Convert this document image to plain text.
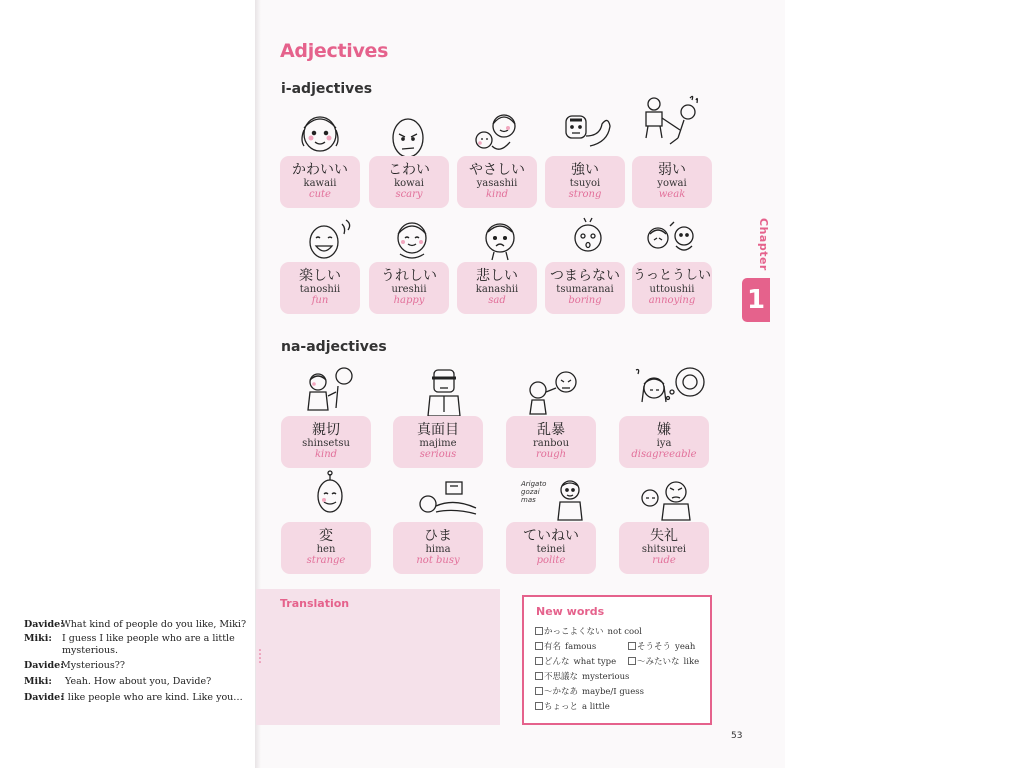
Adjectives
i-adjectives
na-adjectives
Arigato gozai mas
かわいい
kawaii
cute
こわい
kowai
scary
やさしい
yasashii
kind
強い
tsuyoi
strong
弱い
yowai
weak
楽しい
tanoshii
fun
うれしい
ureshii
happy
悲しい
kanashii
sad
つまらない
tsumaranai
boring
うっとうしい
uttoushii
annoying
親切
shinsetsu
kind
真面目
majime
serious
乱暴
ranbou
rough
嫌
iya
disagreeable
変
hen
strange
ひま
hima
not busy
ていねい
teinei
polite
失礼
shitsurei
rude
Chapter
1
Translation
Davide: What kind of people do you like, Miki?
Miki:	I guess I like people who are a little mysterious.
Davide: Mysterious??
Miki: Yeah. How about you, Davide?
Davide: I like people who are kind. Like you…
New words
かっこよくない not cool
有名 famous	そうそう yeah
どんな what type	〜みたいな like
不思議な mysterious
〜かなあ maybe/I guess
ちょっと a little
53
